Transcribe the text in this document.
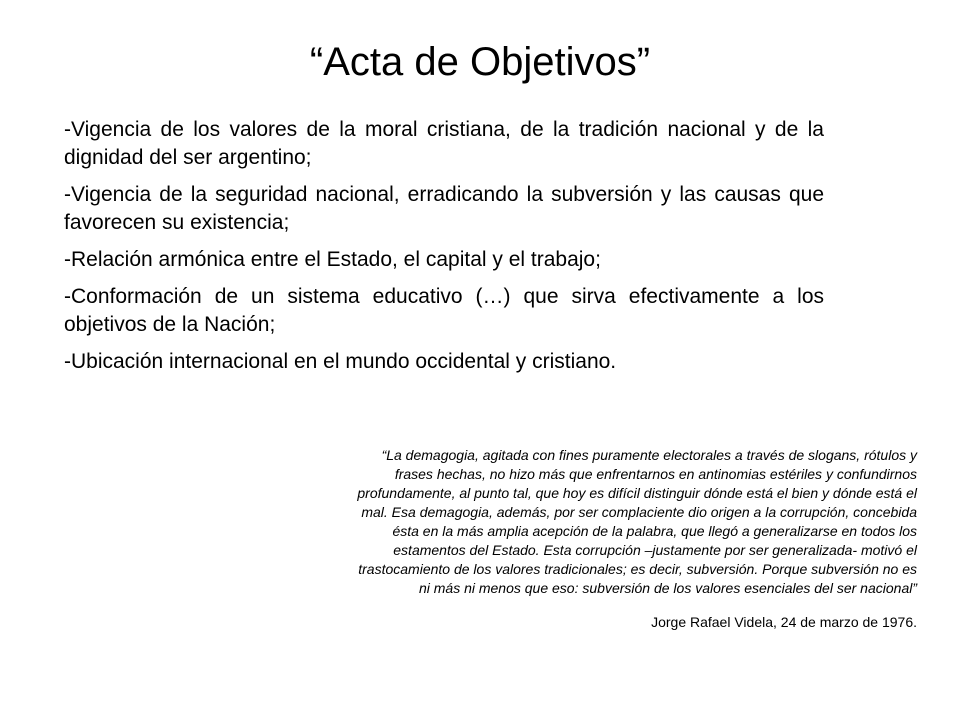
“Acta de Objetivos”

-Vigencia de los valores de la moral cristiana, de la tradición nacional y de la dignidad del ser argentino;

-Vigencia de la seguridad nacional, erradicando la subversión y las causas que favorecen su existencia;

-Relación armónica entre el Estado, el capital y el trabajo;

-Conformación de un sistema educativo (…) que sirva efectivamente a los objetivos de la Nación;

-Ubicación internacional en el mundo occidental y cristiano.

“La demagogia, agitada con fines puramente electorales a través de slogans, rótulos y frases hechas, no hizo más que enfrentarnos en antinomias estériles y confundirnos profundamente, al punto tal, que hoy es difícil distinguir dónde está el bien y dónde está el mal. Esa demagogia, además, por ser complaciente dio origen a la corrupción, concebida ésta en la más amplia acepción de la palabra, que llegó a generalizarse en todos los estamentos del Estado. Esta corrupción –justamente por ser generalizada- motivó el trastocamiento de los valores tradicionales; es decir, subversión. Porque subversión no es ni más ni menos que eso: subversión de los valores esenciales del ser nacional”

Jorge Rafael Videla, 24 de marzo de 1976.
